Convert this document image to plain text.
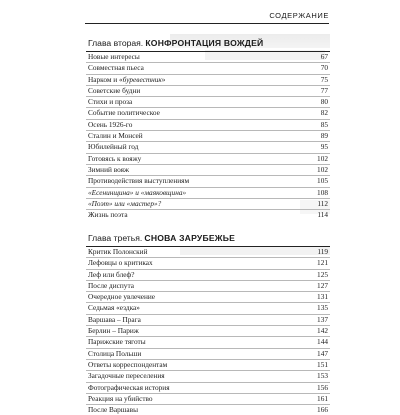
СОДЕРЖАНИЕ
Глава вторая. КОНФРОНТАЦИЯ ВОЖДЕЙ
Новые интересы	67
Совместная пьеса	70
Нарком и «буревестник»	75
Советские будни	77
Стихи и проза	80
Событие политическое	82
Осень 1926-го	85
Сталин и Монсей	89
Юбилейный год	95
Готовясь к вояжу	102
Зимний вояж	102
Противодействия выступлениям	105
«Есенинщина» и «маяковщина»	108
«Поэт» или «мастер»?	112
Жизнь поэта	114
Глава третья. СНОВА ЗАРУБЕЖЬЕ
Критик Полонский	119
Лефовцы о критиках	121
Леф или блеф?	125
После диспута	127
Очередное увлечение	131
Седьмая «ездка»	135
Варшава – Прага	137
Берлин – Париж	142
Парижские тяготы	144
Столица Польши	147
Ответы корреспондентам	151
Загадочные переселения	153
Фотографическая история	156
Реакция на убийство	161
После Варшавы	166
